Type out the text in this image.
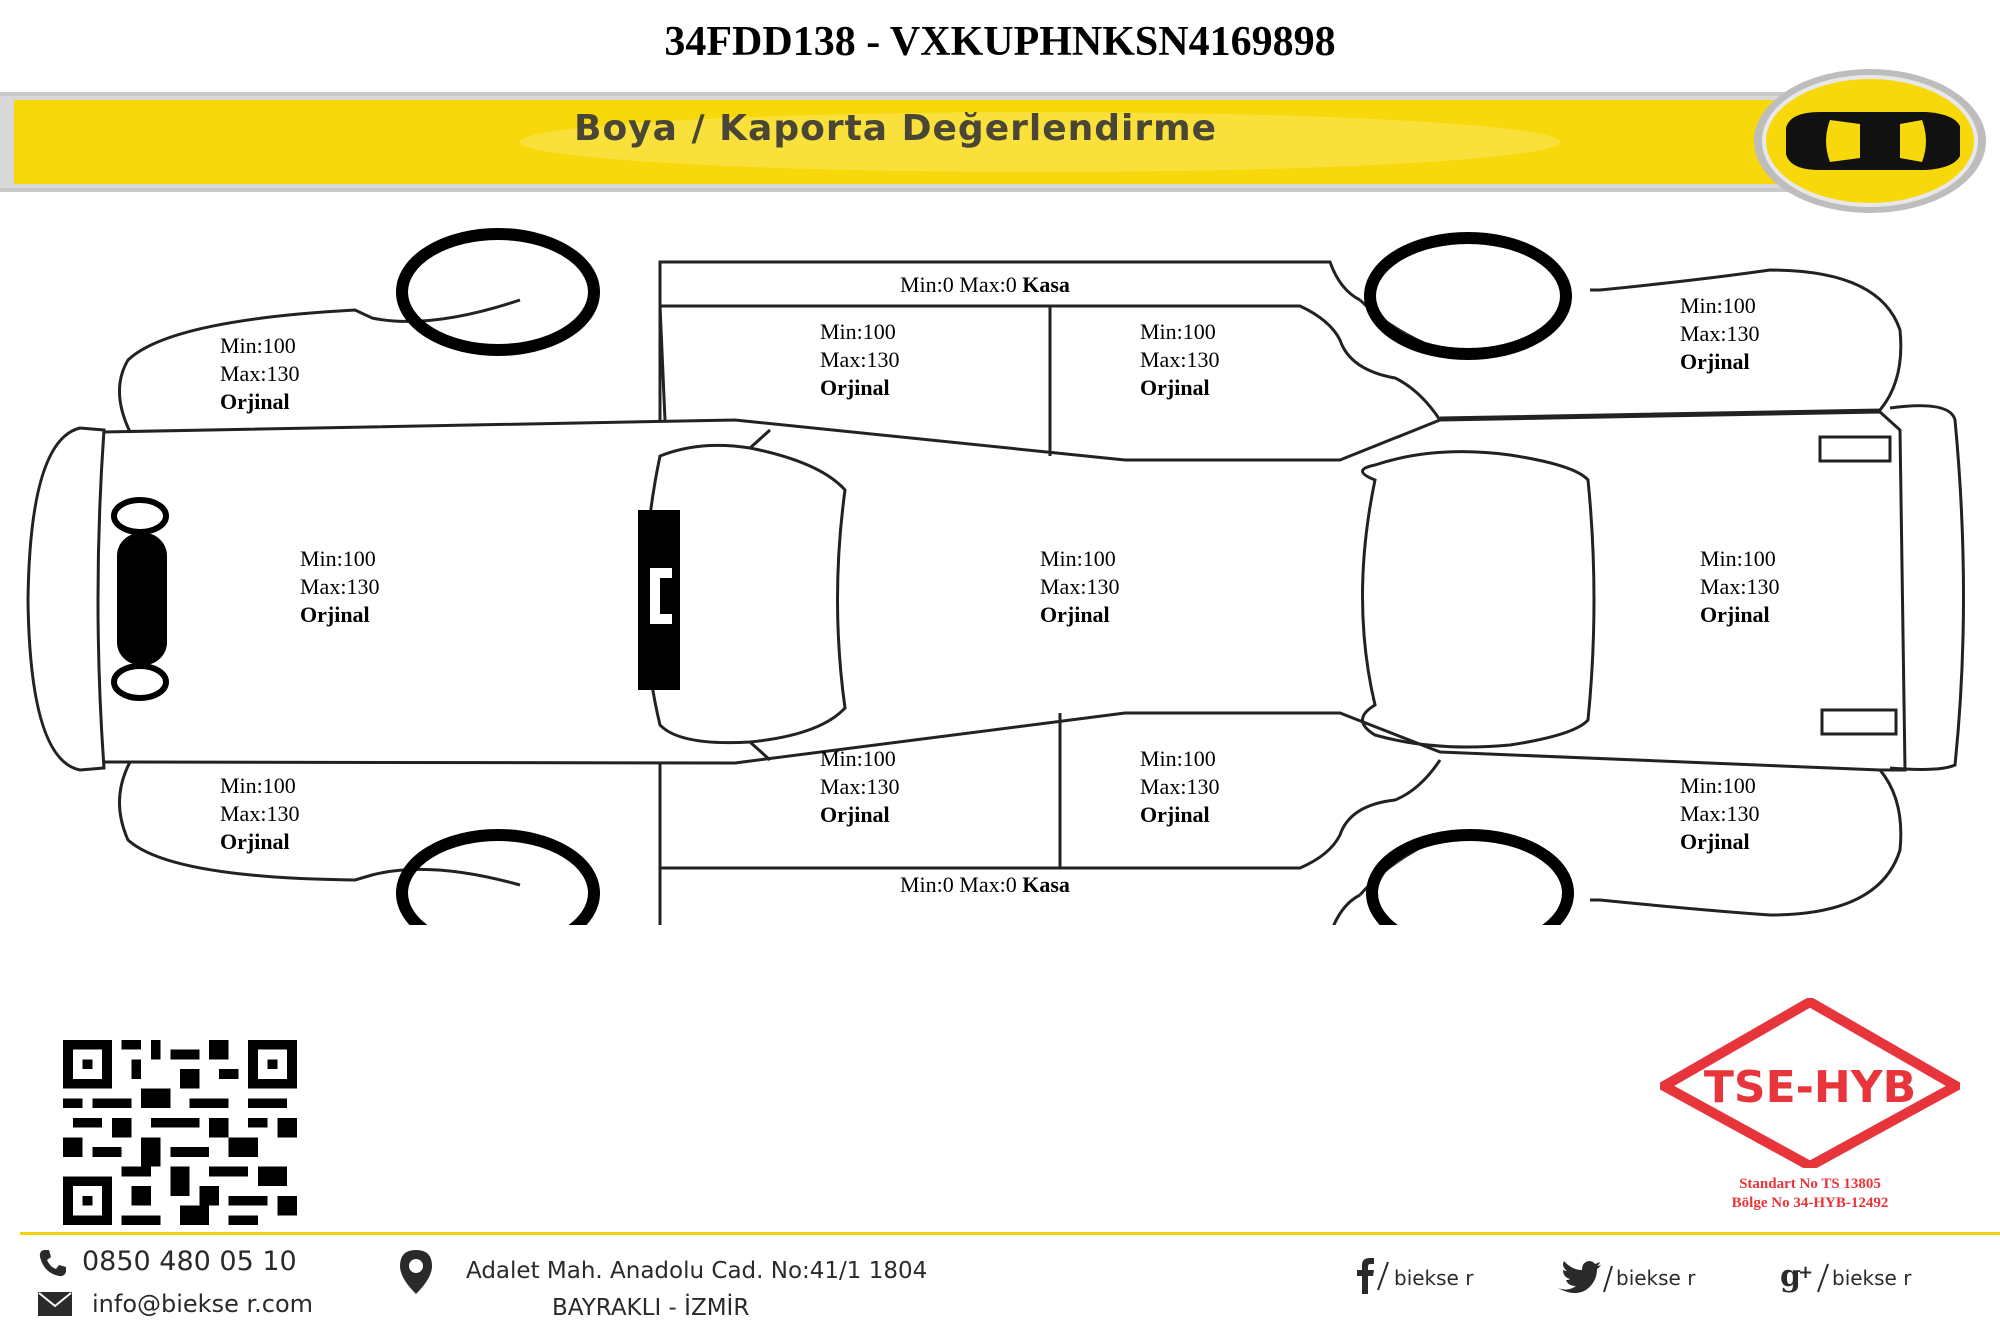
34FDD138 - VXKUPHNKSN4169898
Boya / Kaporta Değerlendirme
Min:0 Max:0 Kasa
Min:0 Max:0 Kasa
Min:100
Max:130
Orjinal
Min:100
Max:130
Orjinal
Min:100
Max:130
Orjinal
Min:100
Max:130
Orjinal
Min:100
Max:130
Orjinal
Min:100
Max:130
Orjinal
Min:100
Max:130
Orjinal
Min:100
Max:130
Orjinal
Min:100
Max:130
Orjinal
Min:100
Max:130
Orjinal
Min:100
Max:130
Orjinal
TSE-HYB
Standart No TS 13805
Bölge No 34-HYB-12492
0850 480 05 10
info@biekse r.com
Adalet Mah. Anadolu Cad. No:41/1 1804
BAYRAKLI - İZMİR
biekse r	biekse r	g
+ biekse r
